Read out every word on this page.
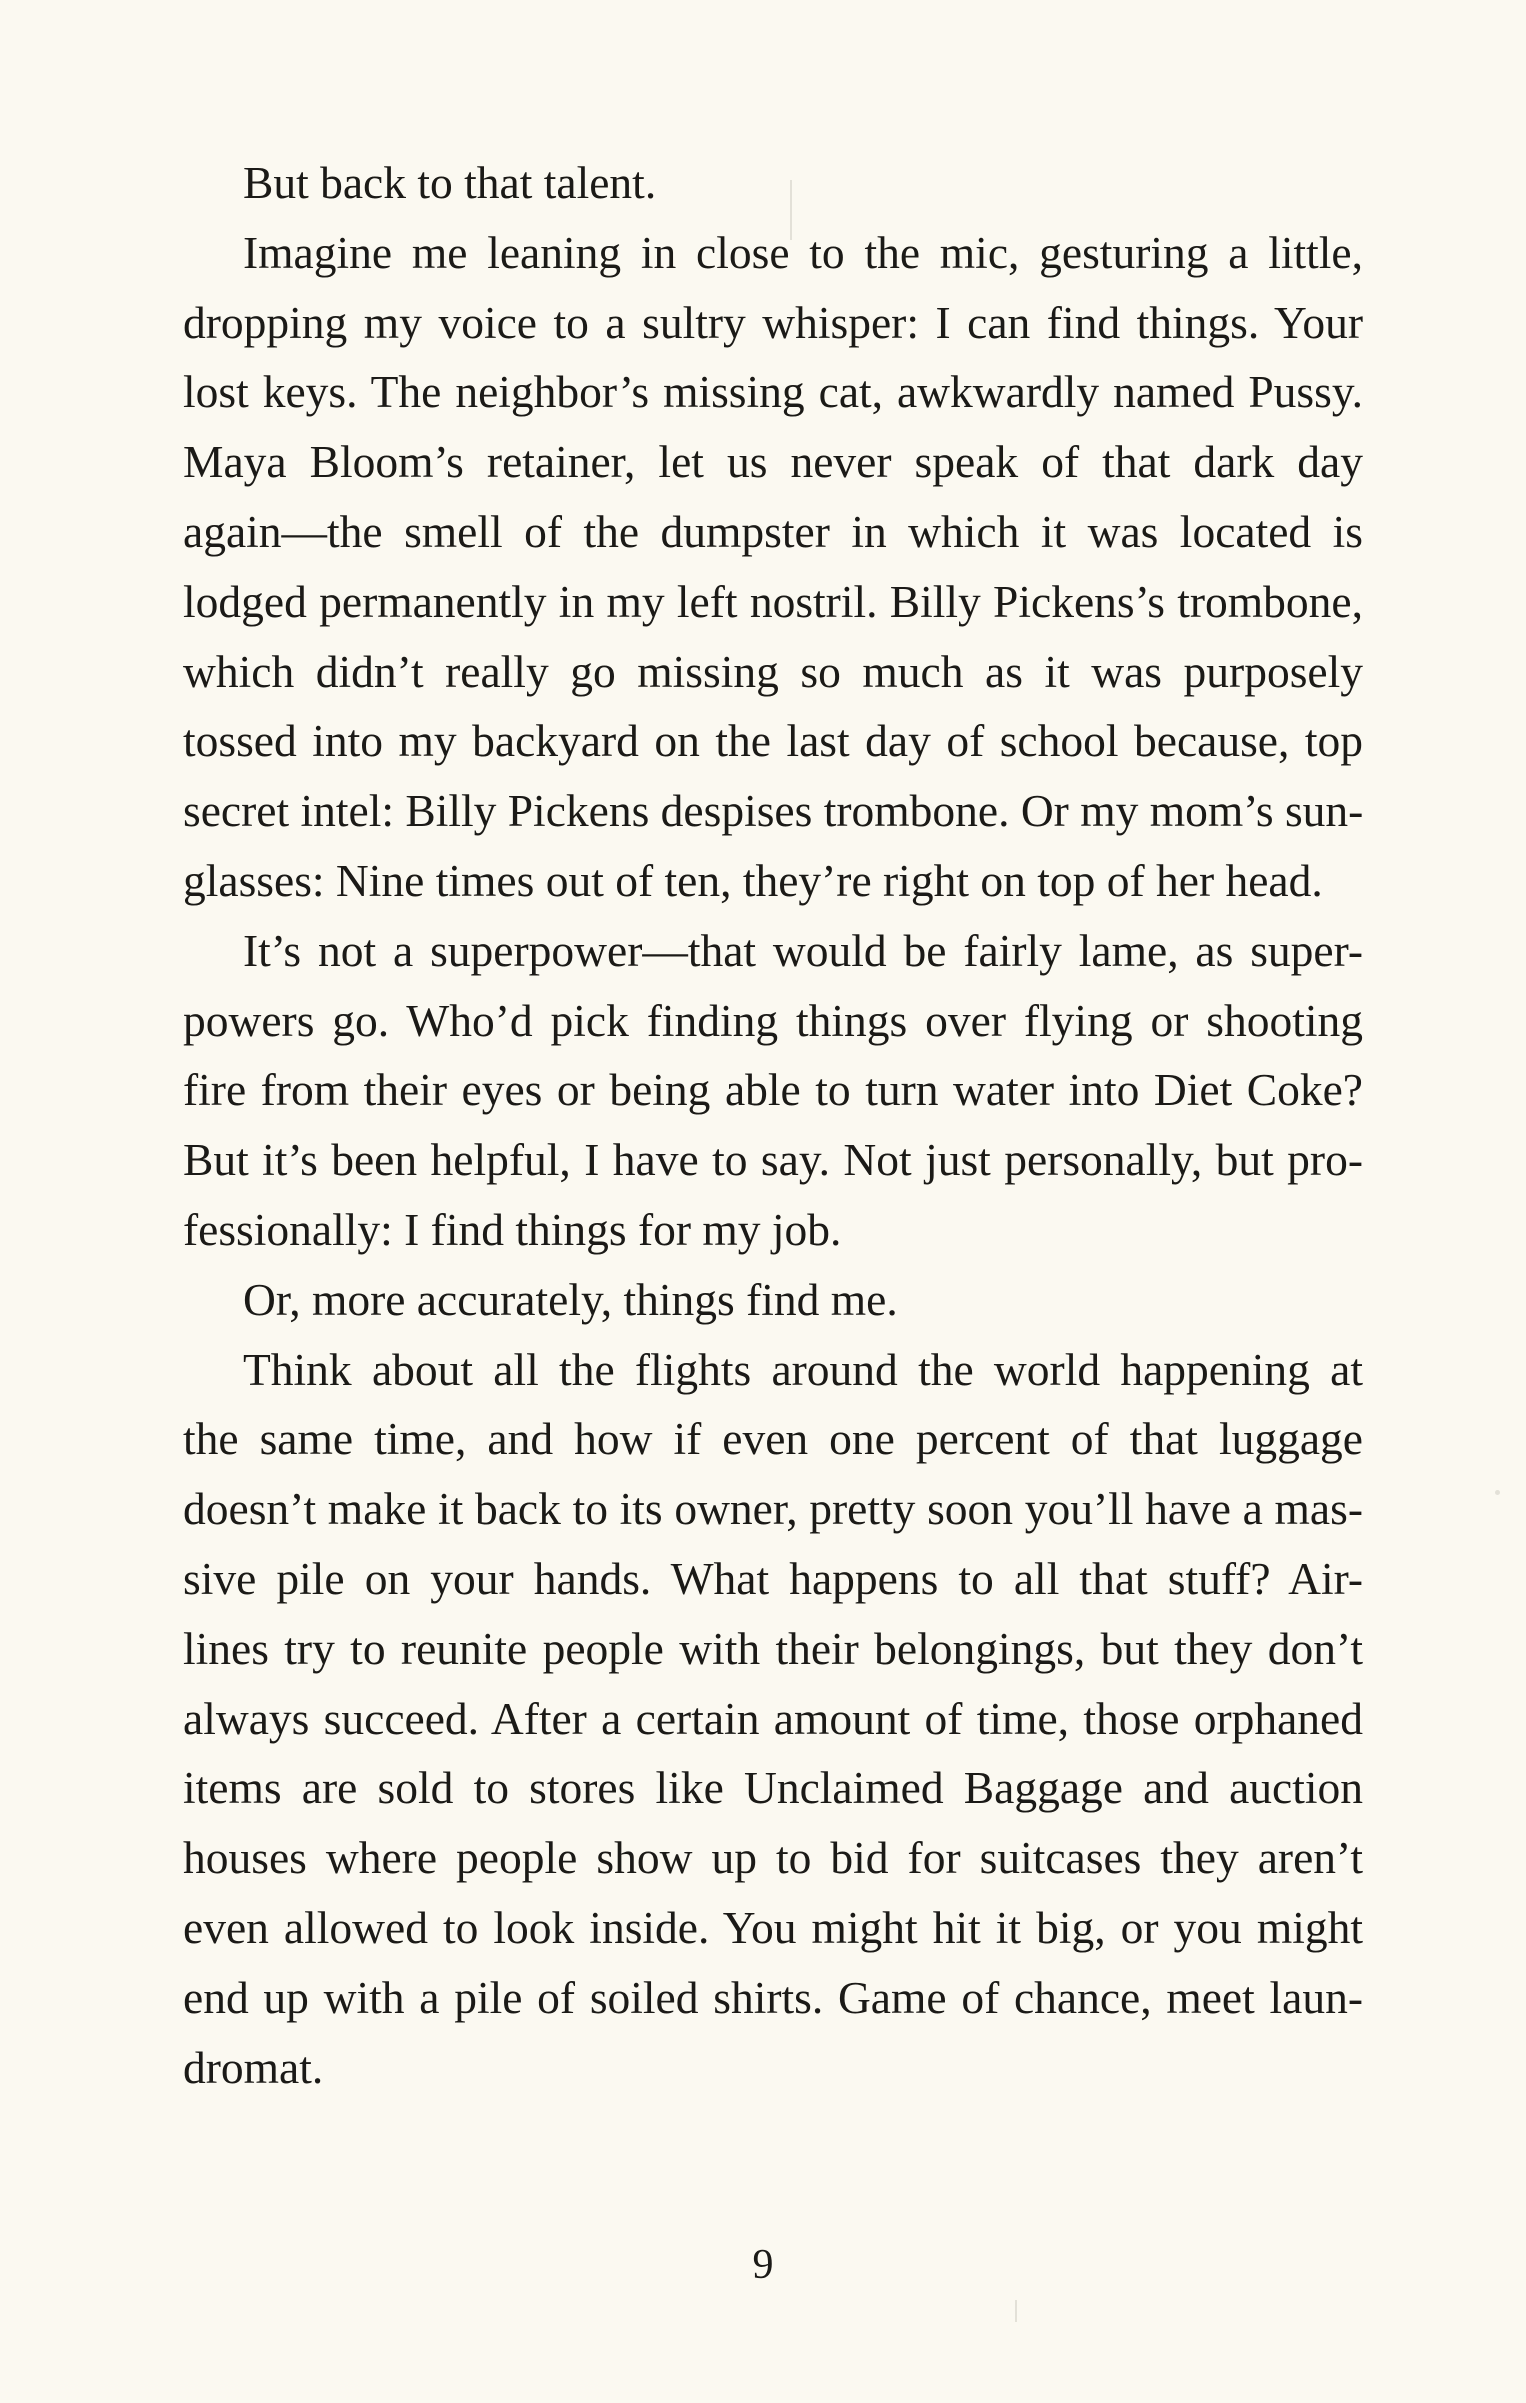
But back to that talent.
Imagine me leaning in close to the mic, gesturing a little,
dropping my voice to a sultry whisper: I can find things. Your
lost keys. The neighbor’s missing cat, awkwardly named Pussy.
Maya Bloom’s retainer, let us never speak of that dark day
again—the smell of the dumpster in which it was located is
lodged permanently in my left nostril. Billy Pickens’s trombone,
which didn’t really go missing so much as it was purposely
tossed into my backyard on the last day of school because, top
secret intel: Billy Pickens despises trombone. Or my mom’s sun-
glasses: Nine times out of ten, they’re right on top of her head.
It’s not a superpower—that would be fairly lame, as super-
powers go. Who’d pick finding things over flying or shooting
fire from their eyes or being able to turn water into Diet Coke?
But it’s been helpful, I have to say. Not just personally, but pro-
fessionally: I find things for my job.
Or, more accurately, things find me.
Think about all the flights around the world happening at
the same time, and how if even one percent of that luggage
doesn’t make it back to its owner, pretty soon you’ll have a mas-
sive pile on your hands. What happens to all that stuff? Air-
lines try to reunite people with their belongings, but they don’t
always succeed. After a certain amount of time, those orphaned
items are sold to stores like Unclaimed Baggage and auction
houses where people show up to bid for suitcases they aren’t
even allowed to look inside. You might hit it big, or you might
end up with a pile of soiled shirts. Game of chance, meet laun-
dromat.
9
